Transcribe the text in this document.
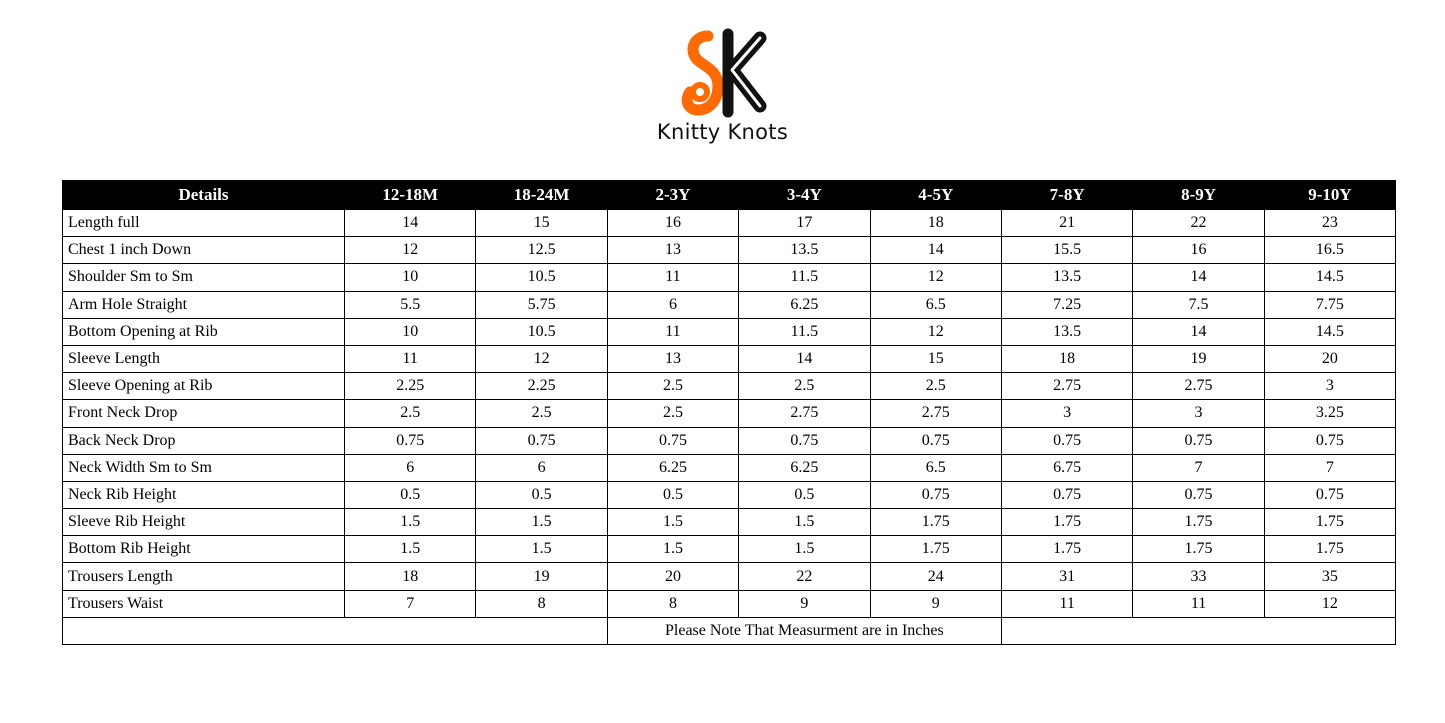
Knitty Knots
Details	12-18M	18-24M	2-3Y	3-4Y	4-5Y	7-8Y	8-9Y	9-10Y
Length full	14	15	16	17	18	21	22	23
Chest 1 inch Down	12	12.5	13	13.5	14	15.5	16	16.5
Shoulder Sm to Sm	10	10.5	11	11.5	12	13.5	14	14.5
Arm Hole Straight	5.5	5.75	6	6.25	6.5	7.25	7.5	7.75
Bottom Opening at Rib	10	10.5	11	11.5	12	13.5	14	14.5
Sleeve Length	11	12	13	14	15	18	19	20
Sleeve Opening at Rib	2.25	2.25	2.5	2.5	2.5	2.75	2.75	3
Front Neck Drop	2.5	2.5	2.5	2.75	2.75	3	3	3.25
Back Neck Drop	0.75	0.75	0.75	0.75	0.75	0.75	0.75	0.75
Neck Width Sm to Sm	6	6	6.25	6.25	6.5	6.75	7	7
Neck Rib Height	0.5	0.5	0.5	0.5	0.75	0.75	0.75	0.75
Sleeve Rib Height	1.5	1.5	1.5	1.5	1.75	1.75	1.75	1.75
Bottom Rib Height	1.5	1.5	1.5	1.5	1.75	1.75	1.75	1.75
Trousers Length	18	19	20	22	24	31	33	35
Trousers Waist	7	8	8	9	9	11	11	12
			Please Note That Measurment are in Inches					
